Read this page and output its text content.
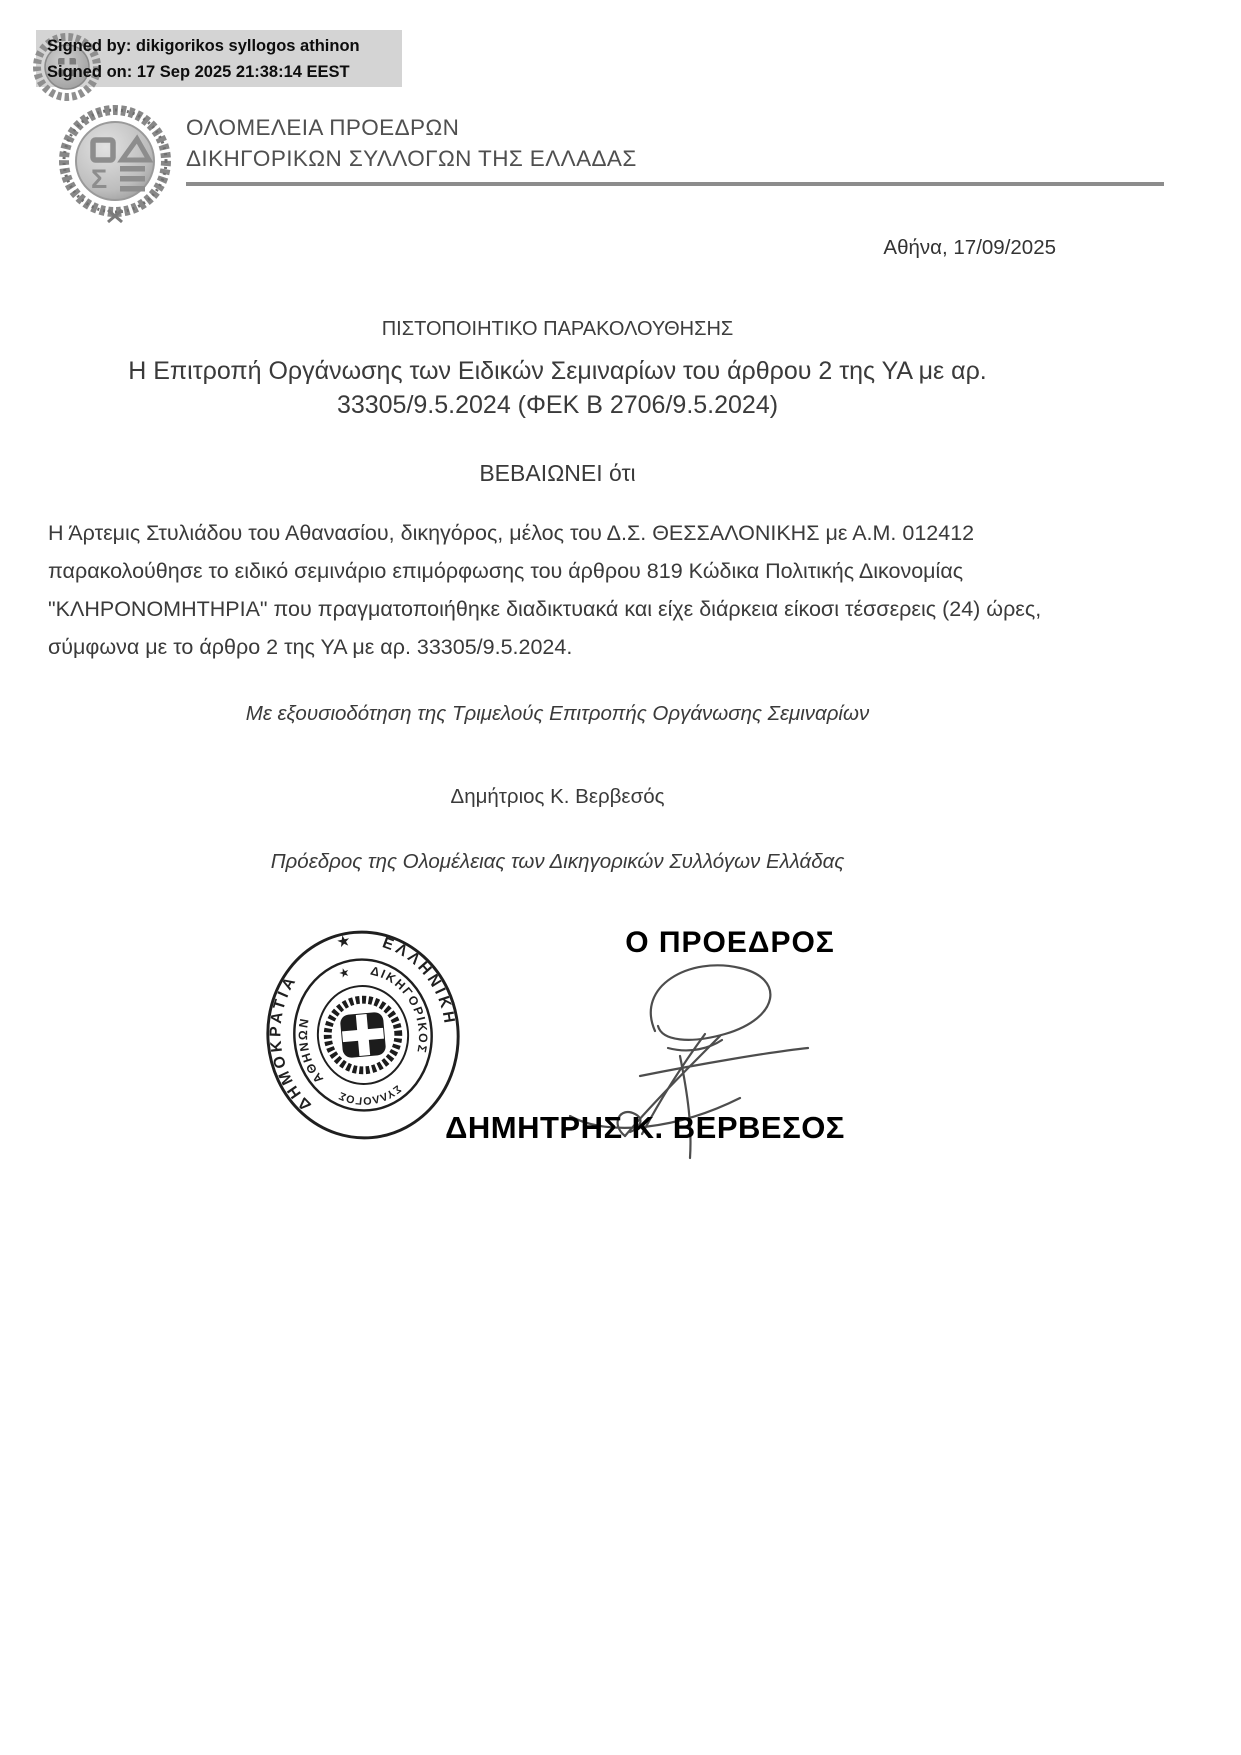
Signed by: dikigorikos syllogos athinon
Signed on: 17 Sep 2025 21:38:14 EEST
Σ
ΟΛΟΜΕΛΕΙΑ ΠΡΟΕΔΡΩΝ
ΔΙΚΗΓΟΡΙΚΩΝ ΣΥΛΛΟΓΩΝ ΤΗΣ ΕΛΛΑΔΑΣ
Αθήνα, 17/09/2025
ΠΙΣΤΟΠΟΙΗΤΙΚΟ ΠΑΡΑΚΟΛΟΥΘΗΣΗΣ
Η Επιτροπή Οργάνωσης των Ειδικών Σεμιναρίων του άρθρου 2 της ΥΑ με αρ.
33305/9.5.2024 (ΦΕΚ Β 2706/9.5.2024)
ΒΕΒΑΙΩΝΕΙ ότι
Η Άρτεμις Στυλιάδου του Αθανασίου, δικηγόρος, μέλος του Δ.Σ. ΘΕΣΣΑΛΟΝΙΚΗΣ με Α.Μ. 012412
παρακολούθησε το ειδικό σεμινάριο επιμόρφωσης του άρθρου 819 Κώδικα Πολιτικής Δικονομίας
"ΚΛΗΡΟΝΟΜΗΤΗΡΙΑ" που πραγματοποιήθηκε διαδικτυακά και είχε διάρκεια είκοσι τέσσερεις (24) ώρες,
σύμφωνα με το άρθρο 2 της ΥΑ με αρ. 33305/9.5.2024.
Με εξουσιοδότηση της Τριμελούς Επιτροπής Οργάνωσης Σεμιναρίων
Δημήτριος Κ. Βερβεσός
Πρόεδρος της Ολομέλειας των Δικηγορικών Συλλόγων Ελλάδας
ΔΗΜΟΚΡΑΤΙΑ ★ ΕΛΛΗΝΙΚΗ
ΑΘΗΝΩΝ ★ ΔΙΚΗΓΟΡΙΚΟΣ ΣΥΛΛΟΓΟΣ
Ο ΠΡΟΕΔΡΟΣ
ΔΗΜΗΤΡΗΣ Κ. ΒΕΡΒΕΣΟΣ
